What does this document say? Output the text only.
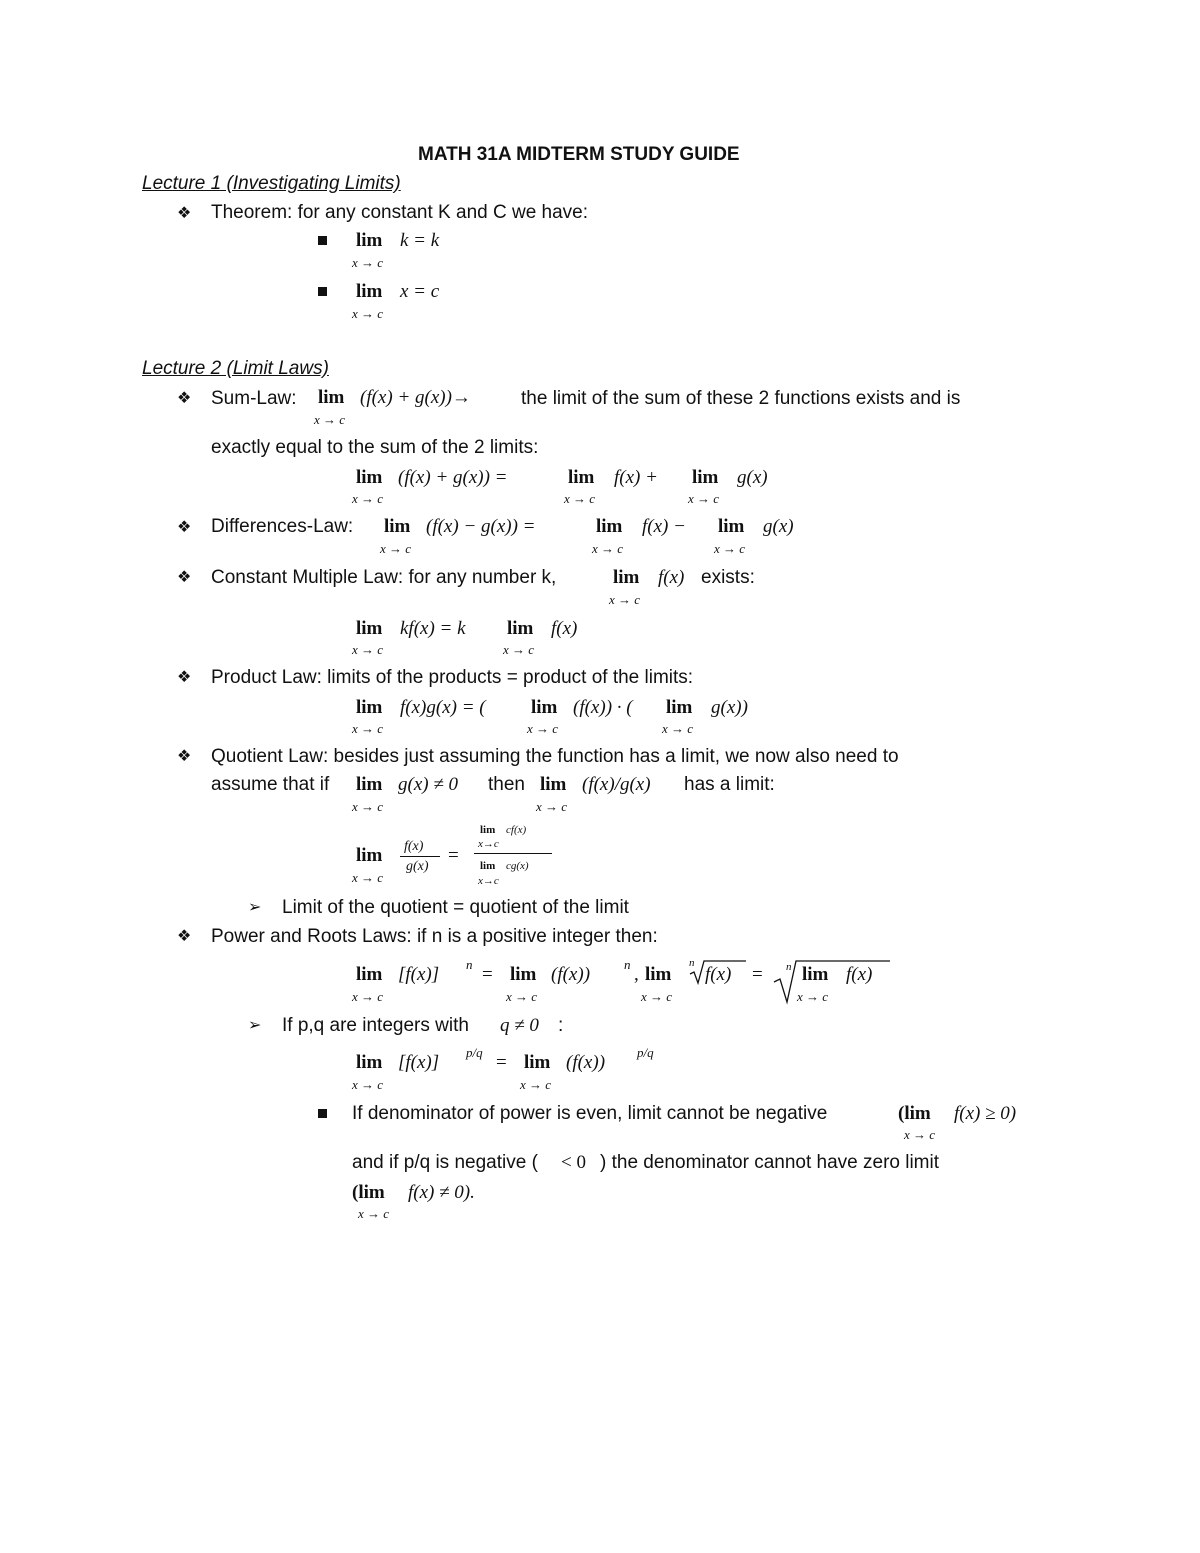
MATH 31A MIDTERM STUDY GUIDE
Lecture 1 (Investigating Limits)
❖ Theorem: for any constant K and C we have:
lim k = k
x → c
lim x = c
x → c
Lecture 2 (Limit Laws)
❖ Sum-Law: lim (f(x) + g(x))→	the limit of the sum of these 2 functions exists and is
x → c
exactly equal to the sum of the 2 limits:
lim (f(x) + g(x)) =	lim f(x) + lim g(x)
x → c	x → c	x → c
❖ Differences-Law: lim (f(x) − g(x)) =	lim f(x) − lim g(x)
x → c	x → c	x → c
❖ Constant Multiple Law: for any number k,	lim f(x) exists:
x → c
lim kf(x) = k lim f(x)
x → c	x → c
❖ Product Law: limits of the products = product of the limits:
lim f(x)g(x) = ( lim (f(x)) · ( lim g(x))
x → c	x → c	x → c
❖ Quotient Law: besides just assuming the function has a limit, we now also need to
assume that if lim g(x) ≠ 0 then lim (f(x)/g(x) has a limit:
x → c	x → c
lim
x → c
f(x)
g(x)
=
lim cf(x)
x→c
lim cg(x)
x→c
➢ Limit of the quotient = quotient of the limit
❖ Power and Roots Laws: if n is a positive integer then:
lim [f(x)] n = lim (f(x))	n , lim
x → c	x → c	x → c
n
f(x) = n lim f(x)
x → c
➢ If p,q are integers with q ≠ 0 :
lim [f(x)] p/q = lim (f(x)) p/q
x → c	x → c
If denominator of power is even, limit cannot be negative	(lim f(x) ≥ 0)
x → c
and if p/q is negative ( < 0 ) the denominator cannot have zero limit
(lim f(x) ≠ 0).
x → c
